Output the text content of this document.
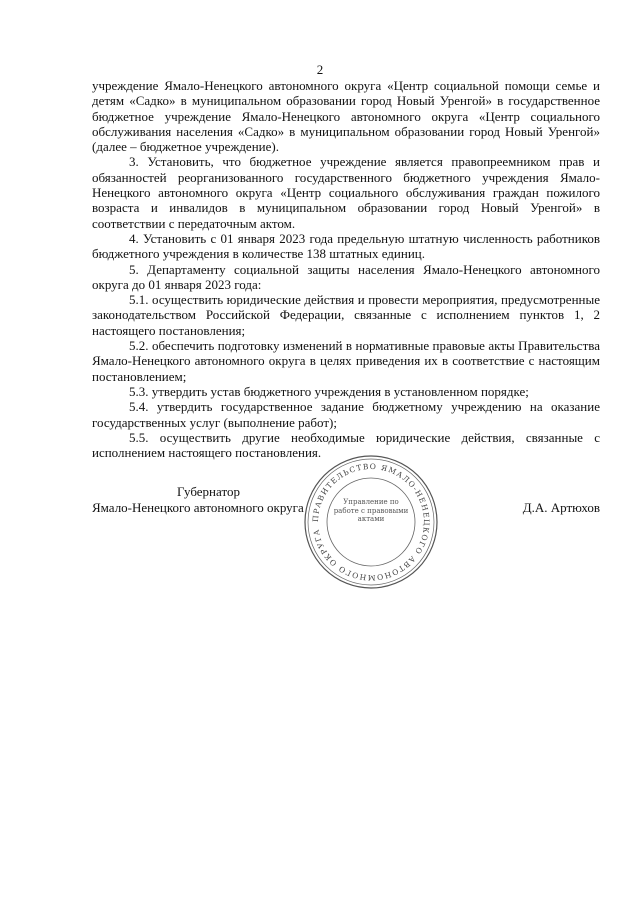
2

учреждение Ямало-Ненецкого автономного округа «Центр социальной помощи семье и детям «Садко» в муниципальном образовании город Новый Уренгой» в государственное бюджетное учреждение Ямало-Ненецкого автономного округа «Центр социального обслуживания населения «Садко» в муниципальном образовании город Новый Уренгой» (далее – бюджетное учреждение).

3. Установить, что бюджетное учреждение является правопреемником прав и обязанностей реорганизованного государственного бюджетного учреждения Ямало-Ненецкого автономного округа «Центр социального обслуживания граждан пожилого возраста и инвалидов в муниципальном образовании город Новый Уренгой» в соответствии с передаточным актом.

4. Установить с 01 января 2023 года предельную штатную численность работников бюджетного учреждения в количестве 138 штатных единиц.

5. Департаменту социальной защиты населения Ямало-Ненецкого автономного округа до 01 января 2023 года:

5.1. осуществить юридические действия и провести мероприятия, предусмотренные законодательством Российской Федерации, связанные с исполнением пунктов 1, 2 настоящего постановления;

5.2. обеспечить подготовку изменений в нормативные правовые акты Правительства Ямало-Ненецкого автономного округа в целях приведения их в соответствие с настоящим постановлением;

5.3. утвердить устав бюджетного учреждения в установленном порядке;

5.4. утвердить государственное задание бюджетному учреждению на оказание государственных услуг (выполнение работ);

5.5. осуществить другие необходимые юридические действия, связанные с исполнением настоящего постановления.

Губернатор
Ямало-Ненецкого автономного округа
ПРАВИТЕЛЬСТВО ЯМАЛО-НЕНЕЦКОГО АВТОНОМНОГО ОКРУГА
Управление по работе с правовыми актами
Д.А. Артюхов
